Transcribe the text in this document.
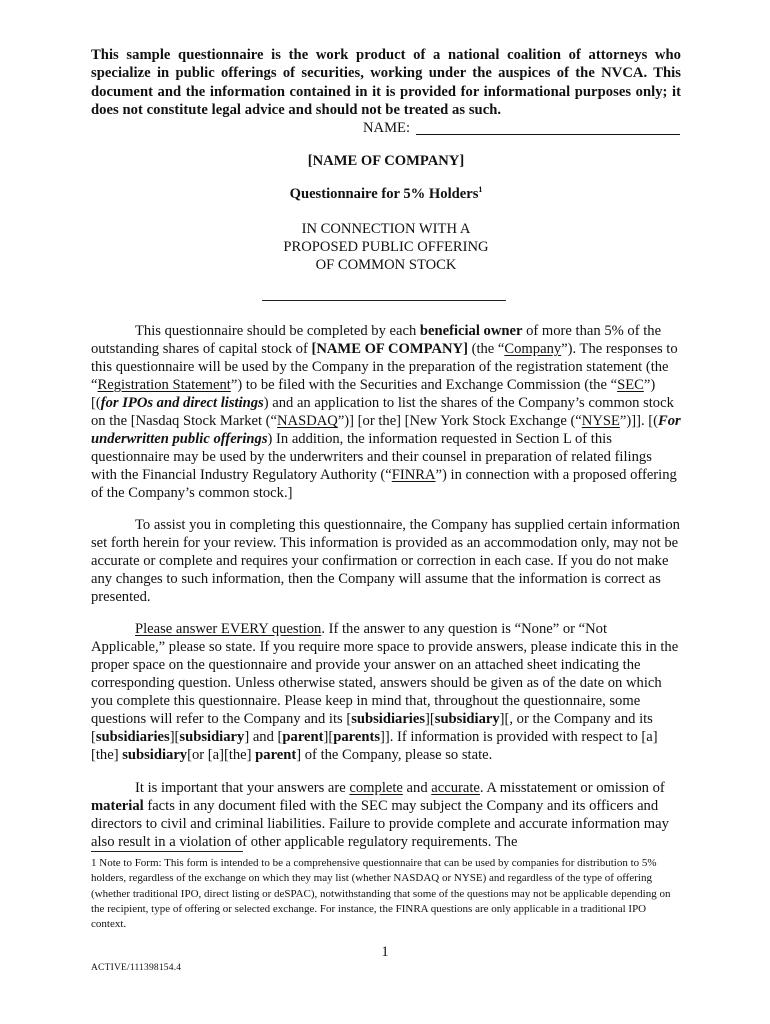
This sample questionnaire is the work product of a national coalition of attorneys who specialize in public offerings of securities, working under the auspices of the NVCA. This document and the information contained in it is provided for informational purposes only; it does not constitute legal advice and should not be treated as such.
NAME:
[NAME OF COMPANY]
Questionnaire for 5% Holders$^1$
IN CONNECTION WITH A
PROPOSED PUBLIC OFFERING
OF COMMON STOCK

This questionnaire should be completed by each beneficial owner of more than 5% of the outstanding shares of capital stock of [NAME OF COMPANY] (the “Company”). The responses to this questionnaire will be used by the Company in the preparation of the registration statement (the “Registration Statement”) to be filed with the Securities and Exchange Commission (the “SEC”) [(for IPOs and direct listings) and an application to list the shares of the Company’s common stock on the [Nasdaq Stock Market (“NASDAQ”)] [or the] [New York Stock Exchange (“NYSE”)]]. [(For underwritten public offerings) In addition, the information requested in Section L of this questionnaire may be used by the underwriters and their counsel in preparation of related filings with the Financial Industry Regulatory Authority (“FINRA”) in connection with a proposed offering of the Company’s common stock.]

To assist you in completing this questionnaire, the Company has supplied certain information set forth herein for your review. This information is provided as an accommodation only, may not be accurate or complete and requires your confirmation or correction in each case. If you do not make any changes to such information, then the Company will assume that the information is correct as presented.

Please answer EVERY question. If the answer to any question is “None” or “Not Applicable,” please so state. If you require more space to provide answers, please indicate this in the proper space on the questionnaire and provide your answer on an attached sheet indicating the corresponding question. Unless otherwise stated, answers should be given as of the date on which you complete this questionnaire. Please keep in mind that, throughout the questionnaire, some questions will refer to the Company and its [subsidiaries][subsidiary][, or the Company and its [subsidiaries][subsidiary] and [parent][parents]]. If information is provided with respect to [a][the] subsidiary[or [a][the] parent] of the Company, please so state.

It is important that your answers are complete and accurate. A misstatement or omission of material facts in any document filed with the SEC may subject the Company and its officers and directors to civil and criminal liabilities. Failure to provide complete and accurate information may also result in a violation of other applicable regulatory requirements. The

1 Note to Form: This form is intended to be a comprehensive questionnaire that can be used by companies for distribution to 5% holders, regardless of the exchange on which they may list (whether NASDAQ or NYSE) and regardless of the type of offering (whether traditional IPO, direct listing or deSPAC), notwithstanding that some of the questions may not be applicable depending on the recipient, type of offering or selected exchange. For instance, the FINRA questions are only applicable in a traditional IPO context.
1
ACTIVE/111398154.4
